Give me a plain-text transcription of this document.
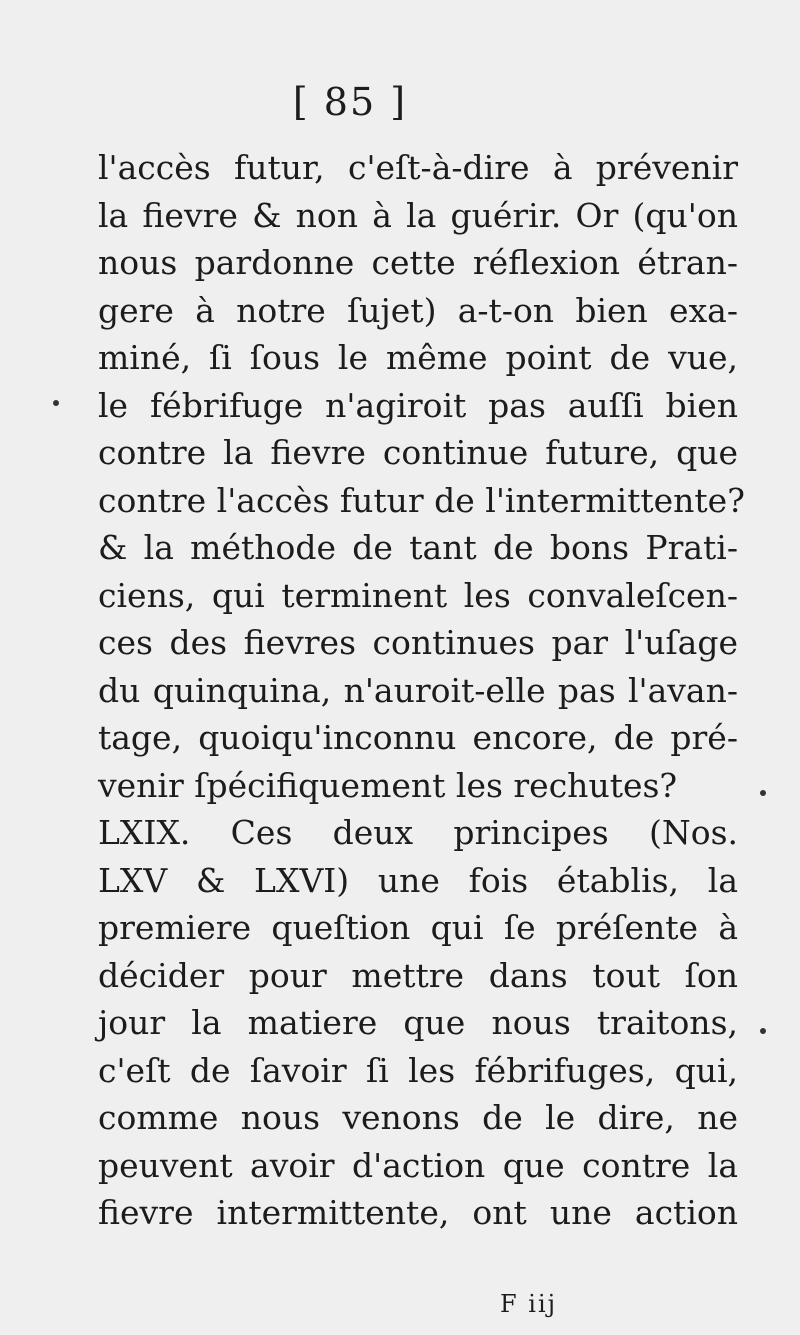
[ 85 ]
l'accès futur, c'eſt-à-dire à prévenir
la fievre & non à la guérir. Or (qu'on
nous pardonne cette réflexion étran-
gere à notre ſujet) a-t-on bien exa-
miné, ſi ſous le même point de vue,
le fébrifuge n'agiroit pas auſſi bien
contre la fievre continue future, que
contre l'accès futur de l'intermittente?
& la méthode de tant de bons Prati-
ciens, qui terminent les convaleſcen-
ces des fievres continues par l'uſage
du quinquina, n'auroit-elle pas l'avan-
tage, quoiqu'inconnu encore, de pré-
venir ſpécifiquement les rechutes?
LXIX. Ces deux principes (Nos.
LXV & LXVI) une fois établis, la
premiere queſtion qui ſe préſente à
décider pour mettre dans tout ſon
jour la matiere que nous traitons,
c'eſt de ſavoir ſi les fébrifuges, qui,
comme nous venons de le dire, ne
peuvent avoir d'action que contre la
fievre intermittente, ont une action
F iij
